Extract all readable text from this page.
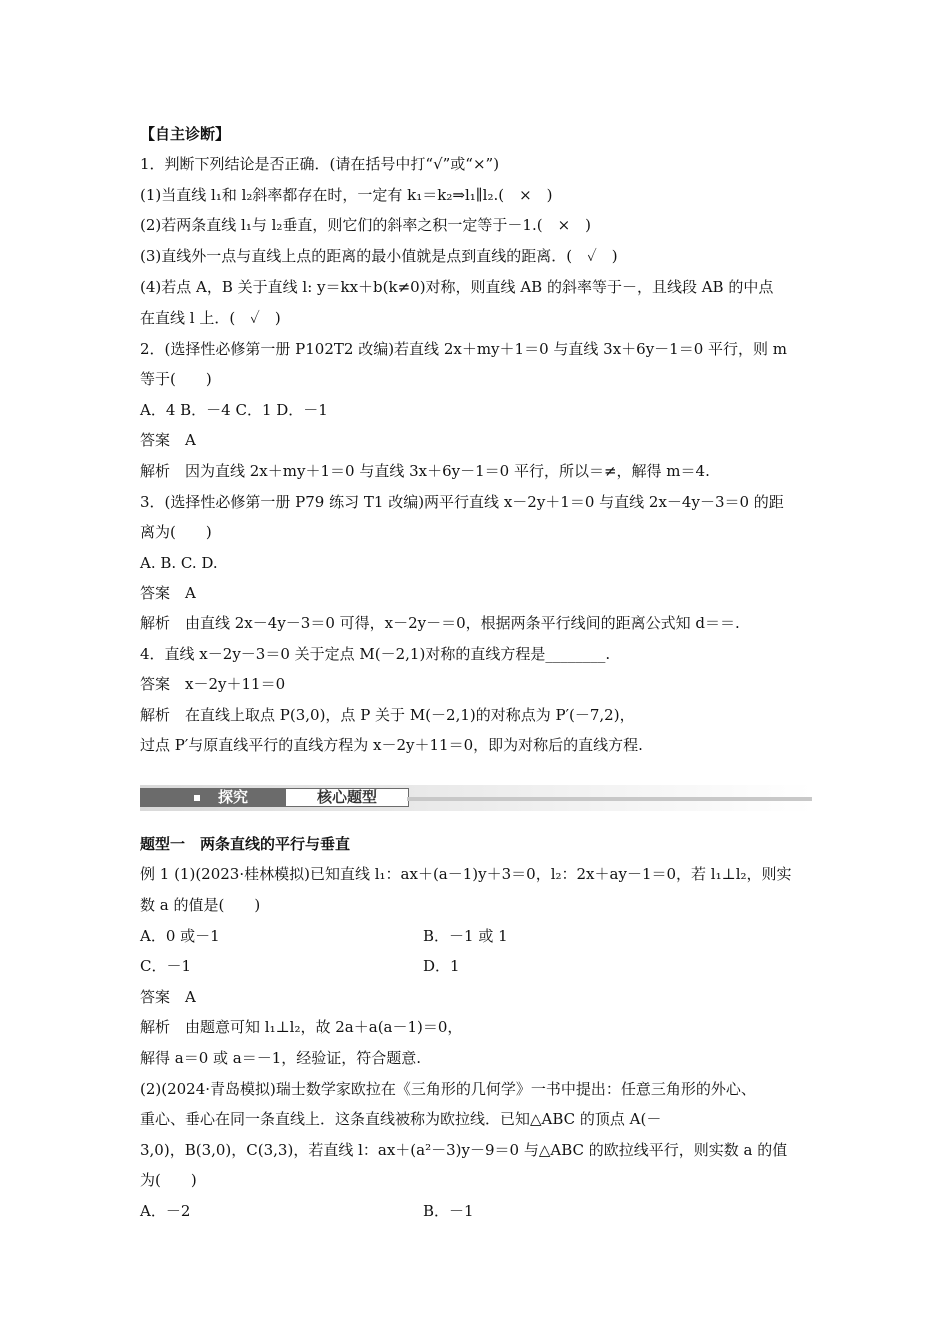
【自主诊断】
1．判断下列结论是否正确．(请在括号中打“√”或“×”)
(1)当直线 l₁和 l₂斜率都存在时，一定有 k₁＝k₂⇒l₁∥l₂.(　×　)
(2)若两条直线 l₁与 l₂垂直，则它们的斜率之积一定等于－1.(　×　)
(3)直线外一点与直线上点的距离的最小值就是点到直线的距离．(　✓　)
(4)若点 A，B 关于直线 l: y＝kx＋b(k≠0)对称，则直线 AB 的斜率等于－，且线段 AB 的中点
在直线 l 上．(　✓　)
2．(选择性必修第一册 P102T2 改编)若直线 2x＋my＋1＝0 与直线 3x＋6y－1＝0 平行，则 m
等于(　　)
A．4 B．－4 C．1 D．－1
答案　A
解析　因为直线 2x＋my＋1＝0 与直线 3x＋6y－1＝0 平行，所以＝≠，解得 m＝4.
3．(选择性必修第一册 P79 练习 T1 改编)两平行直线 x－2y＋1＝0 与直线 2x－4y－3＝0 的距
离为(　　)
A. B. C. D.
答案　A
解析　由直线 2x－4y－3＝0 可得，x－2y－＝0，根据两条平行线间的距离公式知 d＝＝.
4．直线 x－2y－3＝0 关于定点 M(－2,1)对称的直线方程是________.
答案　x－2y＋11＝0
解析　在直线上取点 P(3,0)，点 P 关于 M(－2,1)的对称点为 P′(－7,2)，
过点 P′与原直线平行的直线方程为 x－2y＋11＝0，即为对称后的直线方程.
探究	核心题型
题型一　两条直线的平行与垂直
例 1 (1)(2023·桂林模拟)已知直线 l₁：ax＋(a－1)y＋3＝0，l₂：2x＋ay－1＝0，若 l₁⊥l₂，则实
数 a 的值是(　　)
A．0 或－1	B．－1 或 1
C．－1	D．1
答案　A
解析　由题意可知 l₁⊥l₂，故 2a＋a(a－1)＝0，
解得 a＝0 或 a＝－1，经验证，符合题意.
(2)(2024·青岛模拟)瑞士数学家欧拉在《三角形的几何学》一书中提出：任意三角形的外心、
重心、垂心在同一条直线上．这条直线被称为欧拉线．已知△ABC 的顶点 A(－
3,0)，B(3,0)，C(3,3)，若直线 l：ax＋(a²－3)y－9＝0 与△ABC 的欧拉线平行，则实数 a 的值
为(　　)
A．－2	B．－1
